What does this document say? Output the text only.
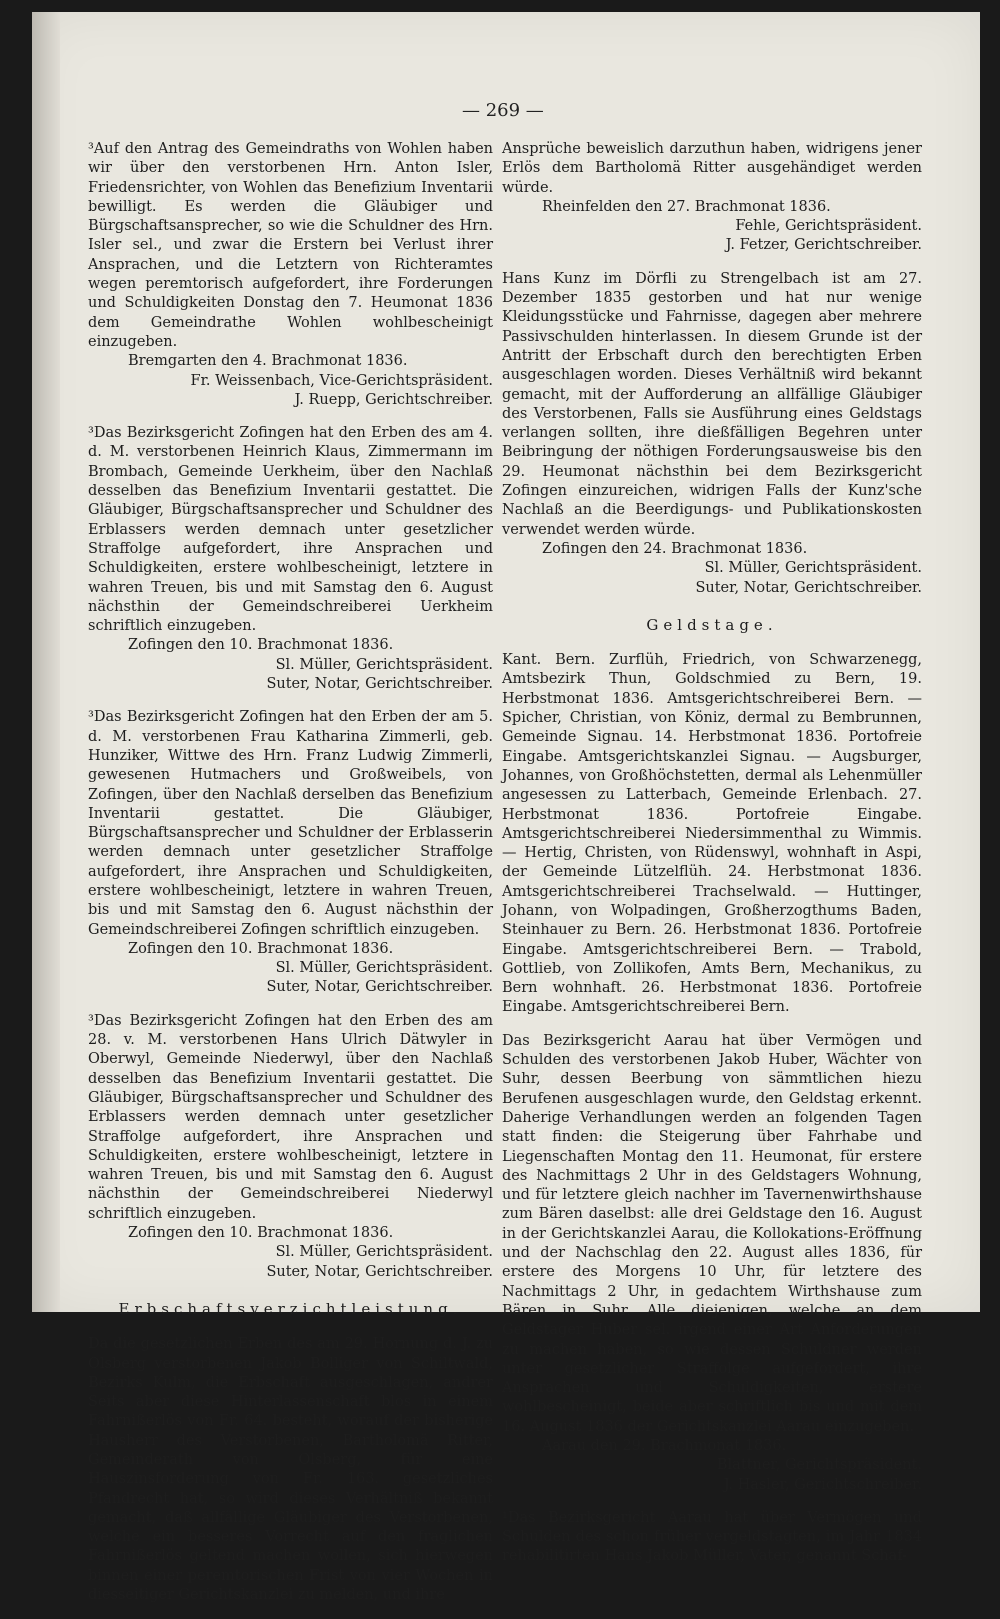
— 269 —

³Auf den Antrag des Gemeindraths von Wohlen haben wir über den verstorbenen Hrn. Anton Isler, Friedensrichter, von Wohlen das Benefizium Inventarii bewilligt. Es werden die Gläubiger und Bürgschaftsansprecher, so wie die Schuldner des Hrn. Isler sel., und zwar die Erstern bei Verlust ihrer Ansprachen, und die Letztern von Richteramtes wegen peremtorisch aufgefordert, ihre Forderungen und Schuldigkeiten Donstag den 7. Heumonat 1836 dem Gemeindrathe Wohlen wohlbescheinigt einzugeben.

Bremgarten den 4. Brachmonat 1836.

Fr. Weissenbach, Vice-Gerichtspräsident.

J. Ruepp, Gerichtschreiber.

³Das Bezirksgericht Zofingen hat den Erben des am 4. d. M. verstorbenen Heinrich Klaus, Zimmermann im Brombach, Gemeinde Uerkheim, über den Nachlaß desselben das Benefizium Inventarii gestattet. Die Gläubiger, Bürgschaftsansprecher und Schuldner des Erblassers werden demnach unter gesetzlicher Straffolge aufgefordert, ihre Ansprachen und Schuldigkeiten, erstere wohlbescheinigt, letztere in wahren Treuen, bis und mit Samstag den 6. August nächsthin der Gemeindschreiberei Uerkheim schriftlich einzugeben.

Zofingen den 10. Brachmonat 1836.

Sl. Müller, Gerichtspräsident.

Suter, Notar, Gerichtschreiber.

³Das Bezirksgericht Zofingen hat den Erben der am 5. d. M. verstorbenen Frau Katharina Zimmerli, geb. Hunziker, Wittwe des Hrn. Franz Ludwig Zimmerli, gewesenen Hutmachers und Großweibels, von Zofingen, über den Nachlaß derselben das Benefizium Inventarii gestattet. Die Gläubiger, Bürgschaftsansprecher und Schuldner der Erblasserin werden demnach unter gesetzlicher Straffolge aufgefordert, ihre Ansprachen und Schuldigkeiten, erstere wohlbescheinigt, letztere in wahren Treuen, bis und mit Samstag den 6. August nächsthin der Gemeindschreiberei Zofingen schriftlich einzugeben.

Zofingen den 10. Brachmonat 1836.

Sl. Müller, Gerichtspräsident.

Suter, Notar, Gerichtschreiber.

³Das Bezirksgericht Zofingen hat den Erben des am 28. v. M. verstorbenen Hans Ulrich Dätwyler in Oberwyl, Gemeinde Niederwyl, über den Nachlaß desselben das Benefizium Inventarii gestattet. Die Gläubiger, Bürgschaftsansprecher und Schuldner des Erblassers werden demnach unter gesetzlicher Straffolge aufgefordert, ihre Ansprachen und Schuldigkeiten, erstere wohlbescheinigt, letztere in wahren Treuen, bis und mit Samstag den 6. August nächsthin der Gemeindschreiberei Niederwyl schriftlich einzugeben.

Zofingen den 10. Brachmonat 1836.

Sl. Müller, Gerichtspräsident.

Suter, Notar, Gerichtschreiber.

Erbschaftsverzichtleistung.

Da die gesetzlichen Erben des am 29. Hornung d. J. zu Olsberg verstorbenen Jakob Bolliger von Schiltwald, Bezirks Kulm, die Erbschaft ausgeschlagen, andrer Seits aber diese Hinterlassenschaft blos in einem Fahrnißerlös von Fr. 64. besteht, worauf der bisherige Hausherr des Verstorbenen, Bartholomä Ritter, Gemeinderath von Olsberg, für eine Hauszinsforderung von Fr. 163. gesetzliches Pfandrecht hat, so wird dieses Verhältniß bekannt gemacht, daß allfällige Gläubiger des Verstorbenen, welche ein besseres Vorrecht auf den fraglichen Fahrnißerlös geltend machen wollen, sich hierwegen binnen einer peremtorischen Frist von vier Wochen in diesseitiger Gerichtskanzlei zu melden, und ihre

Ansprüche beweislich darzuthun haben, widrigens jener Erlös dem Bartholomä Ritter ausgehändiget werden würde.

Rheinfelden den 27. Brachmonat 1836.

Fehle, Gerichtspräsident.

J. Fetzer, Gerichtschreiber.

Hans Kunz im Dörfli zu Strengelbach ist am 27. Dezember 1835 gestorben und hat nur wenige Kleidungsstücke und Fahrnisse, dagegen aber mehrere Passivschulden hinterlassen. In diesem Grunde ist der Antritt der Erbschaft durch den berechtigten Erben ausgeschlagen worden. Dieses Verhältniß wird bekannt gemacht, mit der Aufforderung an allfällige Gläubiger des Verstorbenen, Falls sie Ausführung eines Geldstags verlangen sollten, ihre dießfälligen Begehren unter Beibringung der nöthigen Forderungsausweise bis den 29. Heumonat nächsthin bei dem Bezirksgericht Zofingen einzureichen, widrigen Falls der Kunz'sche Nachlaß an die Beerdigungs- und Publikationskosten verwendet werden würde.

Zofingen den 24. Brachmonat 1836.

Sl. Müller, Gerichtspräsident.

Suter, Notar, Gerichtschreiber.

Geldstage.

Kant. Bern. Zurflüh, Friedrich, von Schwarzenegg, Amtsbezirk Thun, Goldschmied zu Bern, 19. Herbstmonat 1836. Amtsgerichtschreiberei Bern. — Spicher, Christian, von Köniz, dermal zu Bembrunnen, Gemeinde Signau. 14. Herbstmonat 1836. Portofreie Eingabe. Amtsgerichtskanzlei Signau. — Augsburger, Johannes, von Großhöchstetten, dermal als Lehenmüller angesessen zu Latterbach, Gemeinde Erlenbach. 27. Herbstmonat 1836. Portofreie Eingabe. Amtsgerichtschreiberei Niedersimmenthal zu Wimmis. — Hertig, Christen, von Rüdenswyl, wohnhaft in Aspi, der Gemeinde Lützelflüh. 24. Herbstmonat 1836. Amtsgerichtschreiberei Trachselwald. — Huttinger, Johann, von Wolpadingen, Großherzogthums Baden, Steinhauer zu Bern. 26. Herbstmonat 1836. Portofreie Eingabe. Amtsgerichtschreiberei Bern. — Trabold, Gottlieb, von Zollikofen, Amts Bern, Mechanikus, zu Bern wohnhaft. 26. Herbstmonat 1836. Portofreie Eingabe. Amtsgerichtschreiberei Bern.

Das Bezirksgericht Aarau hat über Vermögen und Schulden des verstorbenen Jakob Huber, Wächter von Suhr, dessen Beerbung von sämmtlichen hiezu Berufenen ausgeschlagen wurde, den Geldstag erkennt. Daherige Verhandlungen werden an folgenden Tagen statt finden: die Steigerung über Fahrhabe und Liegenschaften Montag den 11. Heumonat, für erstere des Nachmittags 2 Uhr in des Geldstagers Wohnung, und für letztere gleich nachher im Tavernenwirthshause zum Bären daselbst: alle drei Geldstage den 16. August in der Gerichtskanzlei Aarau, die Kollokations-Eröffnung und der Nachschlag den 22. August alles 1836, für erstere des Morgens 10 Uhr, für letztere des Nachmittags 2 Uhr, in gedachtem Wirthshause zum Bären in Suhr. Alle diejenigen, welche an dem Geldstager Huber sel. irgend einer Art Anforderungen zu machen haben, so wie dessen Schuldner werden unter gesetzlicher Straffolge aufgefordert, ihre Ansprachen und Schuldigkeiten, erstere wohlbescheinigt, beide aber schriftlich bis und mit dem 16. August 1836 der Gerichtskanzlei Aarau einzugeben.

Aarau den 29. Brachmonat 1836.

Blattner, Gerichtspräsident.

J. Hasler, Gerichtschreiber.

¹Das Bezirksgericht Aarau hat über Vermögen und Schulden des schon früher vergeldstagten, im Jahr 1834 rehabilitirten Hans Jakob Müller, Vater, genannt Schaf-
